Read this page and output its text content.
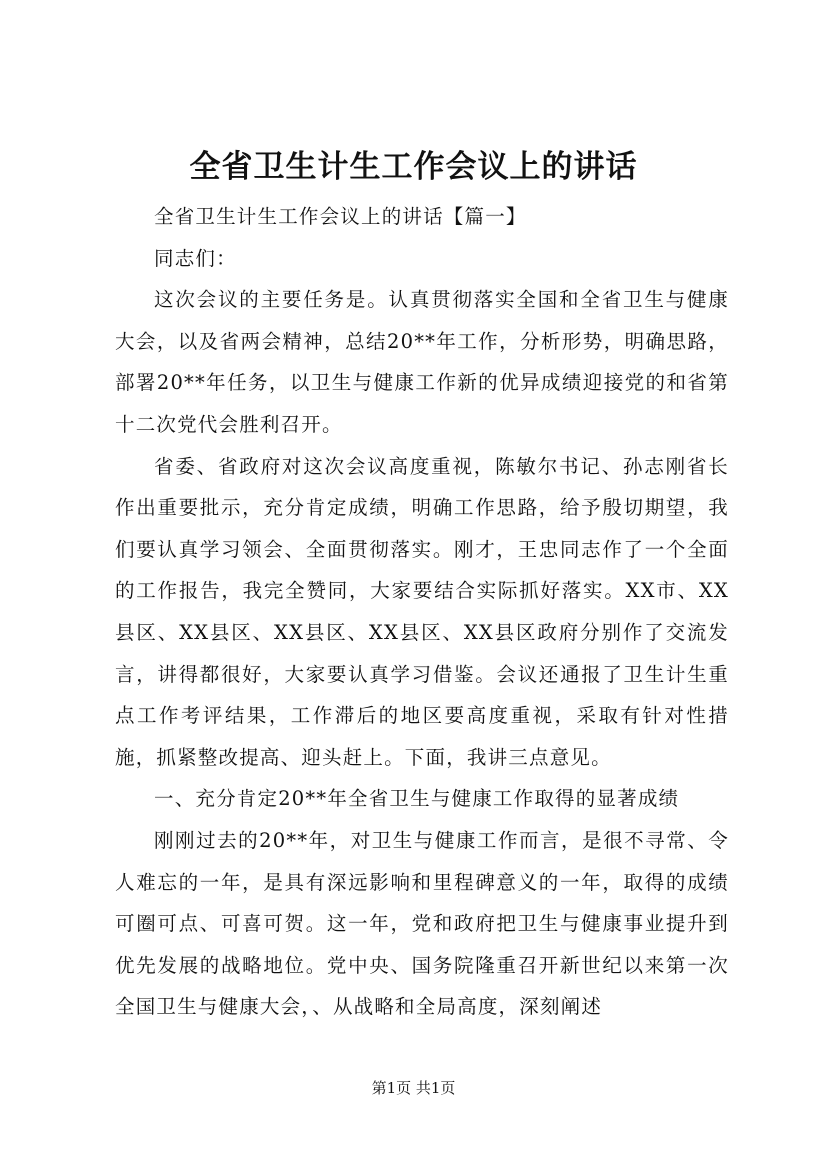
全省卫生计生工作会议上的讲话

全省卫生计生工作会议上的讲话【篇一】

同志们：

这次会议的主要任务是。认真贯彻落实全国和全省卫生与健康大会，以及省两会精神，总结20**年工作，分析形势，明确思路，部署20**年任务，以卫生与健康工作新的优异成绩迎接党的和省第十二次党代会胜利召开。

省委、省政府对这次会议高度重视，陈敏尔书记、孙志刚省长作出重要批示，充分肯定成绩，明确工作思路，给予殷切期望，我们要认真学习领会、全面贯彻落实。刚才，王忠同志作了一个全面的工作报告，我完全赞同，大家要结合实际抓好落实。XX市、XX县区、XX县区、XX县区、XX县区、XX县区政府分别作了交流发言，讲得都很好，大家要认真学习借鉴。会议还通报了卫生计生重点工作考评结果，工作滞后的地区要高度重视，采取有针对性措施，抓紧整改提高、迎头赶上。下面，我讲三点意见。

一、充分肯定20**年全省卫生与健康工作取得的显著成绩

刚刚过去的20**年，对卫生与健康工作而言，是很不寻常、令人难忘的一年，是具有深远影响和里程碑意义的一年，取得的成绩可圈可点、可喜可贺。这一年，党和政府把卫生与健康事业提升到优先发展的战略地位。党中央、国务院隆重召开新世纪以来第一次全国卫生与健康大会，、从战略和全局高度，深刻阐述

第1页 共1页
